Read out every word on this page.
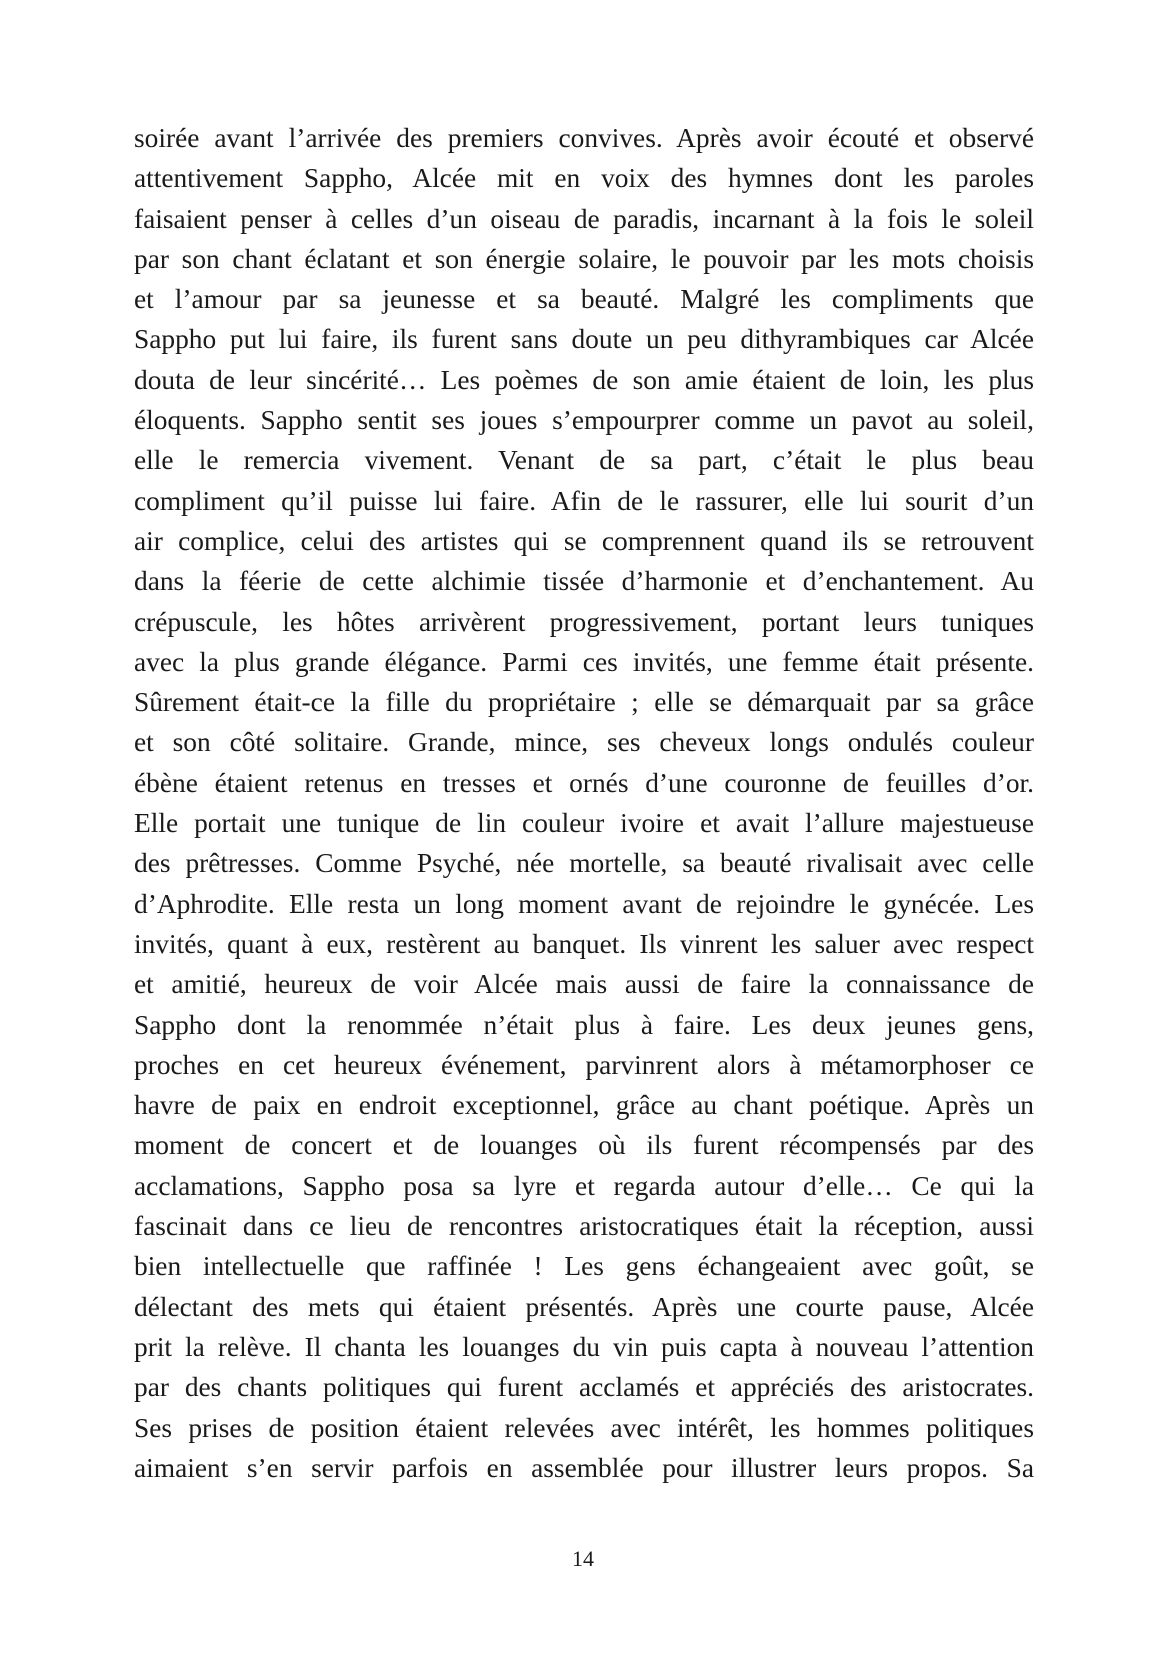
soirée avant l’arrivée des premiers convives. Après avoir écouté et observé
attentivement Sappho, Alcée mit en voix des hymnes dont les paroles
faisaient penser à celles d’un oiseau de paradis, incarnant à la fois le soleil
par son chant éclatant et son énergie solaire, le pouvoir par les mots choisis
et l’amour par sa jeunesse et sa beauté. Malgré les compliments que
Sappho put lui faire, ils furent sans doute un peu dithyrambiques car Alcée
douta de leur sincérité… Les poèmes de son amie étaient de loin, les plus
éloquents. Sappho sentit ses joues s’empourprer comme un pavot au soleil,
elle le remercia vivement. Venant de sa part, c’était le plus beau
compliment qu’il puisse lui faire. Afin de le rassurer, elle lui sourit d’un
air complice, celui des artistes qui se comprennent quand ils se retrouvent
dans la féerie de cette alchimie tissée d’harmonie et d’enchantement. Au
crépuscule, les hôtes arrivèrent progressivement, portant leurs tuniques
avec la plus grande élégance. Parmi ces invités, une femme était présente.
Sûrement était-ce la fille du propriétaire ; elle se démarquait par sa grâce
et son côté solitaire. Grande, mince, ses cheveux longs ondulés couleur
ébène étaient retenus en tresses et ornés d’une couronne de feuilles d’or.
Elle portait une tunique de lin couleur ivoire et avait l’allure majestueuse
des prêtresses. Comme Psyché, née mortelle, sa beauté rivalisait avec celle
d’Aphrodite. Elle resta un long moment avant de rejoindre le gynécée. Les
invités, quant à eux, restèrent au banquet. Ils vinrent les saluer avec respect
et amitié, heureux de voir Alcée mais aussi de faire la connaissance de
Sappho dont la renommée n’était plus à faire. Les deux jeunes gens,
proches en cet heureux événement, parvinrent alors à métamorphoser ce
havre de paix en endroit exceptionnel, grâce au chant poétique. Après un
moment de concert et de louanges où ils furent récompensés par des
acclamations, Sappho posa sa lyre et regarda autour d’elle… Ce qui la
fascinait dans ce lieu de rencontres aristocratiques était la réception, aussi
bien intellectuelle que raffinée ! Les gens échangeaient avec goût, se
délectant des mets qui étaient présentés. Après une courte pause, Alcée
prit la relève. Il chanta les louanges du vin puis capta à nouveau l’attention
par des chants politiques qui furent acclamés et appréciés des aristocrates.
Ses prises de position étaient relevées avec intérêt, les hommes politiques
aimaient s’en servir parfois en assemblée pour illustrer leurs propos. Sa
14
